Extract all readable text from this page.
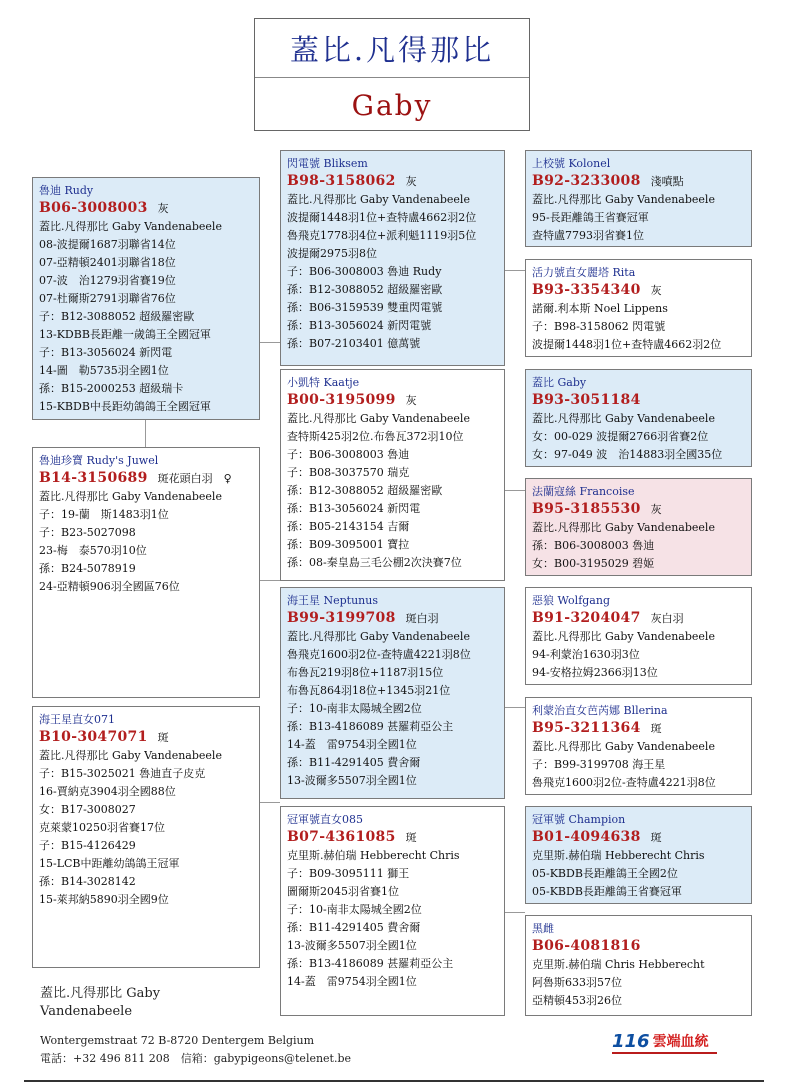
蓋比.凡得那比
Gaby
魯迪 Rudy
B06-3008003 灰
蓋比.凡得那比 Gaby Vandenabeele
08-波提爾1687羽聯省14位
07-亞精頓2401羽聯省18位
07-波　治1279羽省賽19位
07-杜爾斯2791羽聯省76位
子：B12-3088052 超級羅密歐
13-KDBB長距離一歲鴿王全國冠軍
子：B13-3056024 新閃電
14-圖　勒5735羽全國1位
孫：B15-2000253 超級瑞卡
15-KBDB中長距幼鴿鴿王全國冠軍
魯迪珍寶 Rudy's Juwel
B14-3150689 斑花頭白羽　♀
蓋比.凡得那比 Gaby Vandenabeele
子：19-蘭　斯1483羽1位
子：B23-5027098
23-梅　泰570羽10位
孫：B24-5078919
24-亞精頓906羽全國區76位
海王星直女071
B10-3047071 斑
蓋比.凡得那比 Gaby Vandenabeele
子：B15-3025021 魯迪直子皮克
16-賈納克3904羽全國88位
女：B17-3008027
克萊蒙10250羽省賽17位
子：B15-4126429
15-LCB中距離幼鴿鴿王冠軍
孫：B14-3028142
15-萊邦納5890羽全國9位
閃電號 Bliksem
B98-3158062 灰
蓋比.凡得那比 Gaby Vandenabeele
波提爾1448羽1位+查特盧4662羽2位
魯飛克1778羽4位+派利魁1119羽5位
波提爾2975羽8位
子：B06-3008003 魯迪 Rudy
孫：B12-3088052 超級羅密歐
孫：B06-3159539 雙重閃電號
孫：B13-3056024 新閃電號
孫：B07-2103401 億萬號
小凱特 Kaatje
B00-3195099 灰
蓋比.凡得那比 Gaby Vandenabeele
查特斯425羽2位.布魯瓦372羽10位
子：B06-3008003 魯迪
子：B08-3037570 瑞克
孫：B12-3088052 超級羅密歐
孫：B13-3056024 新閃電
孫：B05-2143154 吉爾
孫：B09-3095001 寶拉
孫：08-秦皇島三毛公棚2次決賽7位
海王星 Neptunus
B99-3199708 斑白羽
蓋比.凡得那比 Gaby Vandenabeele
魯飛克1600羽2位-查特盧4221羽8位
布魯瓦219羽8位+1187羽15位
布魯瓦864羽18位+1345羽21位
子：10-南非太陽城全國2位
孫：B13-4186089 甚羅莉亞公主
14-蓋　雷9754羽全國1位
孫：B11-4291405 費舍爾
13-波爾多5507羽全國1位
冠軍號直女085
B07-4361085 斑
克里斯.赫伯瑞 Hebberecht Chris
子：B09-3095111 獅王
圖爾斯2045羽省賽1位
子：10-南非太陽城全國2位
孫：B11-4291405 費舍爾
13-波爾多5507羽全國1位
孫：B13-4186089 甚羅莉亞公主
14-蓋　雷9754羽全國1位
上校號 Kolonel
B92-3233008 淺噴點
蓋比.凡得那比 Gaby Vandenabeele
95-長距離鴿王省賽冠軍
查特盧7793羽省賽1位
活力號直女麗塔 Rita
B93-3354340 灰
諾爾.利本斯 Noel Lippens
子：B98-3158062 閃電號
波提爾1448羽1位+查特盧4662羽2位
蓋比 Gaby
B93-3051184
蓋比.凡得那比 Gaby Vandenabeele
女：00-029 波提爾2766羽省賽2位
女：97-049 波　治14883羽全國35位
法蘭寇絲 Francoise
B95-3185530 灰
蓋比.凡得那比 Gaby Vandenabeele
孫：B06-3008003 魯迪
女：B00-3195029 碧姬
惡狼 Wolfgang
B91-3204047 灰白羽
蓋比.凡得那比 Gaby Vandenabeele
94-利蒙治1630羽3位
94-安格拉姆2366羽13位
利蒙治直女芭芮娜 Bllerina
B95-3211364 斑
蓋比.凡得那比 Gaby Vandenabeele
子：B99-3199708 海王星
魯飛克1600羽2位-查特盧4221羽8位
冠軍號 Champion
B01-4094638 斑
克里斯.赫伯瑞 Hebberecht Chris
05-KBDB長距離鴿王全國2位
05-KBDB長距離鴿王省賽冠軍
黑雌
B06-4081816
克里斯.赫伯瑞 Chris Hebberecht
阿魯斯633羽57位
亞精頓453羽26位
蓋比.凡得那比 Gaby Vandenabeele
Wontergemstraat 72 B-8720 Dentergem Belgium
電話：+32 496 811 208　信箱：gabypigeons@telenet.be
116 雲端血統
